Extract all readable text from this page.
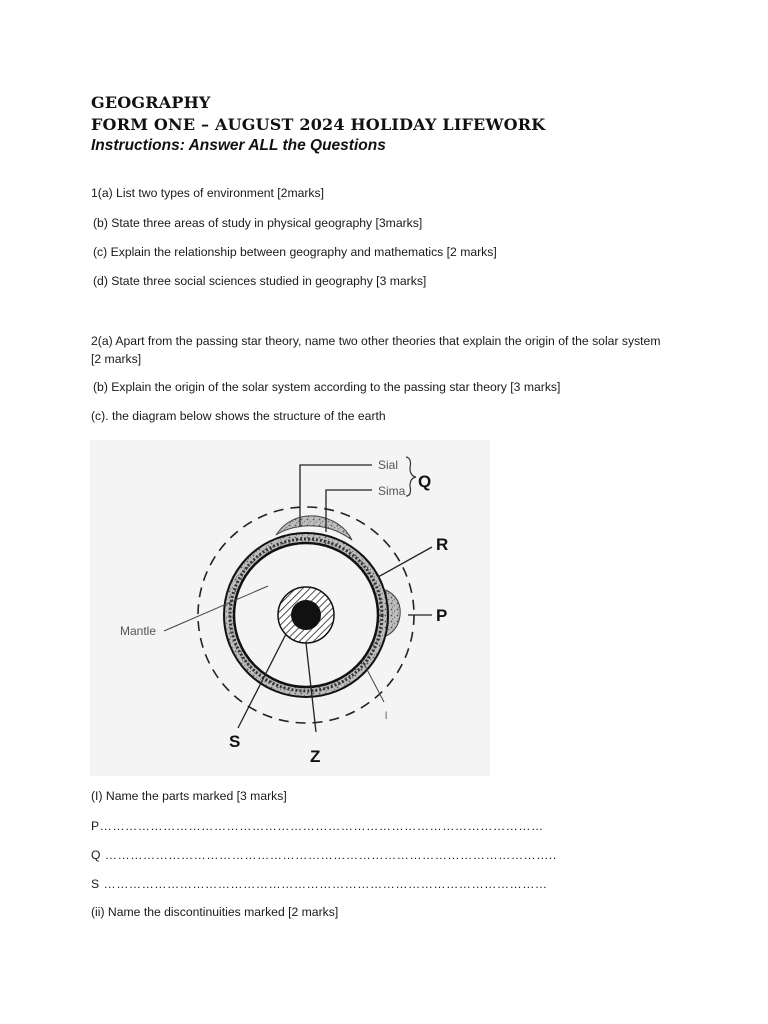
GEOGRAPHY
FORM ONE – AUGUST 2024 HOLIDAY LIFEWORK
Instructions: Answer ALL the Questions
1(a) List two types of environment [2marks]
(b) State three areas of study in physical geography [3marks]
(c) Explain the relationship between geography and mathematics [2 marks]
(d) State three social sciences studied in geography [3 marks]
2(a) Apart from the passing star theory, name two other theories that explain the origin of the solar system [2 marks]
(b) Explain the origin of the solar system according to the passing star theory [3 marks]
(c). the diagram below shows the structure of the earth
Sial
Sima Q
R
P
Mantle
S
Z
l
(I) Name the parts marked [3 marks]
P……………………………………………………………………………………………
Q ……………………………………………………………………………………………..
S ……………………………………………………………………………………………
(ii) Name the discontinuities marked [2 marks]
